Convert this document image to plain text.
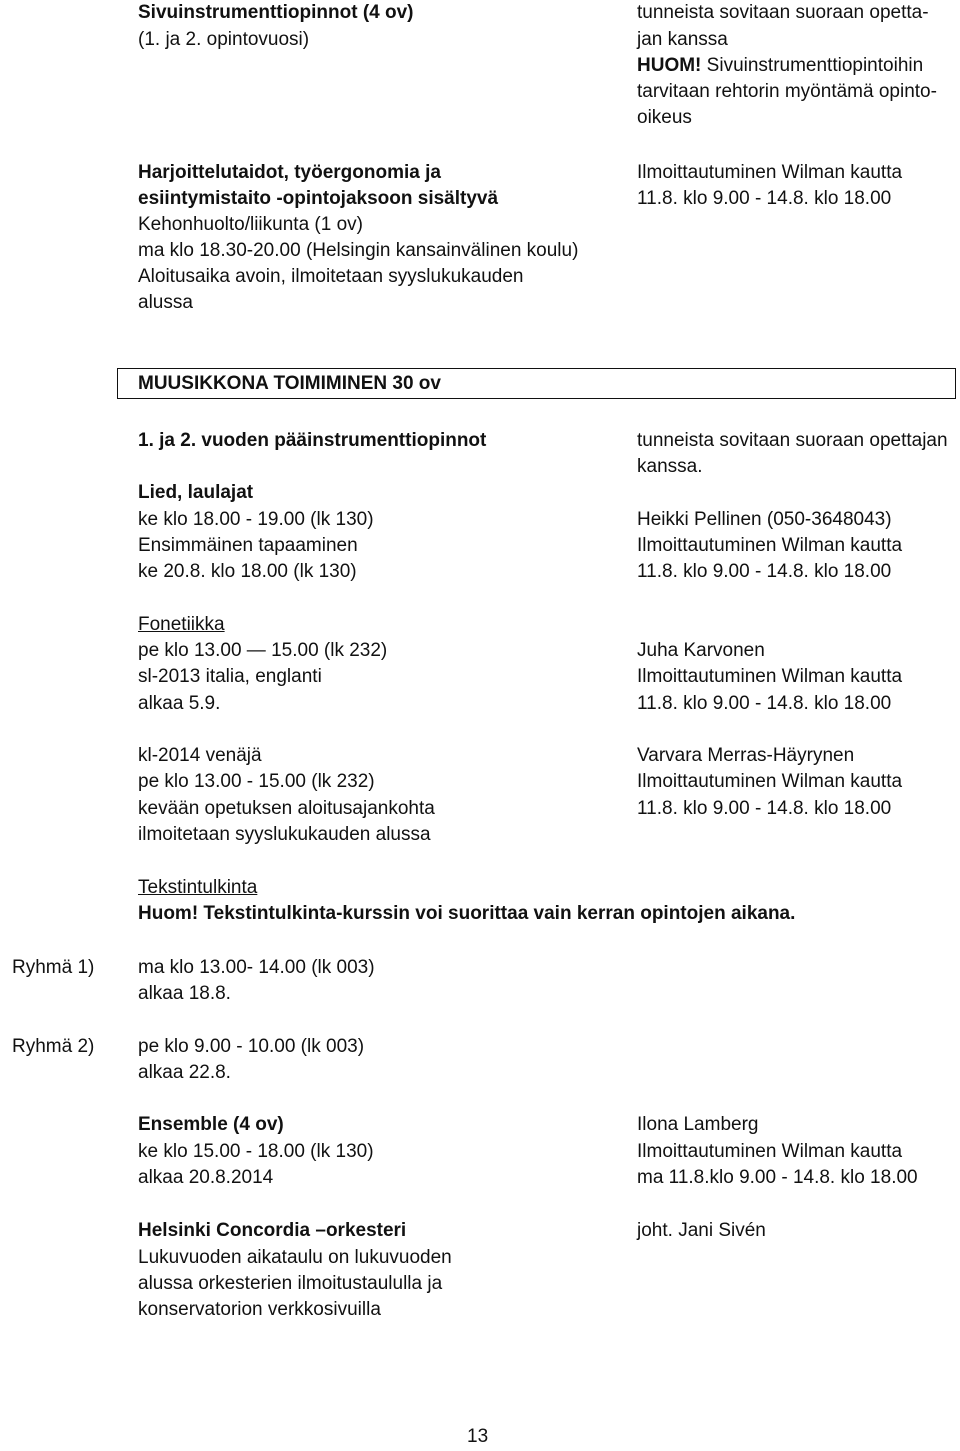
Sivuinstrumenttiopinnot (4 ov)

(1. ja 2. opintovuosi)

Harjoittelutaidot, työergonomia ja

esiintymistaito -opintojaksoon sisältyvä

Kehonhuolto/liikunta (1 ov)

ma klo 18.30-20.00 (Helsingin kansainvälinen koulu)

Aloitusaika avoin, ilmoitetaan syyslukukauden

alussa

tunneista sovitaan suoraan opetta-

jan kanssa

HUOM! Sivuinstrumenttiopintoihin

tarvitaan rehtorin myöntämä opinto-

oikeus

Ilmoittautuminen Wilman kautta

11.8. klo 9.00 - 14.8. klo 18.00

MUUSIKKONA TOIMIMINEN 30 ov

1. ja 2. vuoden pääinstrumenttiopinnot	tunneista sovitaan suoraan opettajan

kanssa.

Lied, laulajat

ke klo 18.00 - 19.00 (lk 130)

Ensimmäinen tapaaminen

ke 20.8. klo 18.00 (lk 130)

Heikki Pellinen (050-3648043)

Ilmoittautuminen Wilman kautta

11.8. klo 9.00 - 14.8. klo 18.00

Fonetiikka

pe klo 13.00 — 15.00 (lk 232)

sl-2013 italia, englanti

alkaa 5.9.

Juha Karvonen

Ilmoittautuminen Wilman kautta

11.8. klo 9.00 - 14.8. klo 18.00

kl-2014 venäjä

pe klo 13.00 - 15.00 (lk 232)

kevään opetuksen aloitusajankohta

ilmoitetaan syyslukukauden alussa

Varvara Merras-Häyrynen

Ilmoittautuminen Wilman kautta

11.8. klo 9.00 - 14.8. klo 18.00

Tekstintulkinta

Huom! Tekstintulkinta-kurssin voi suorittaa vain kerran opintojen aikana.

Ryhmä 1) ma klo 13.00- 14.00 (lk 003)

alkaa 18.8.

Ryhmä 2) pe klo 9.00 - 10.00 (lk 003)

alkaa 22.8.

Ensemble (4 ov)

ke klo 15.00 - 18.00 (lk 130)

alkaa 20.8.2014

Ilona Lamberg

Ilmoittautuminen Wilman kautta

ma 11.8.klo 9.00 - 14.8. klo 18.00

Helsinki Concordia –orkesteri

Lukuvuoden aikataulu on lukuvuoden

alussa orkesterien ilmoitustaululla ja

konservatorion verkkosivuilla

joht. Jani Sivén

13
